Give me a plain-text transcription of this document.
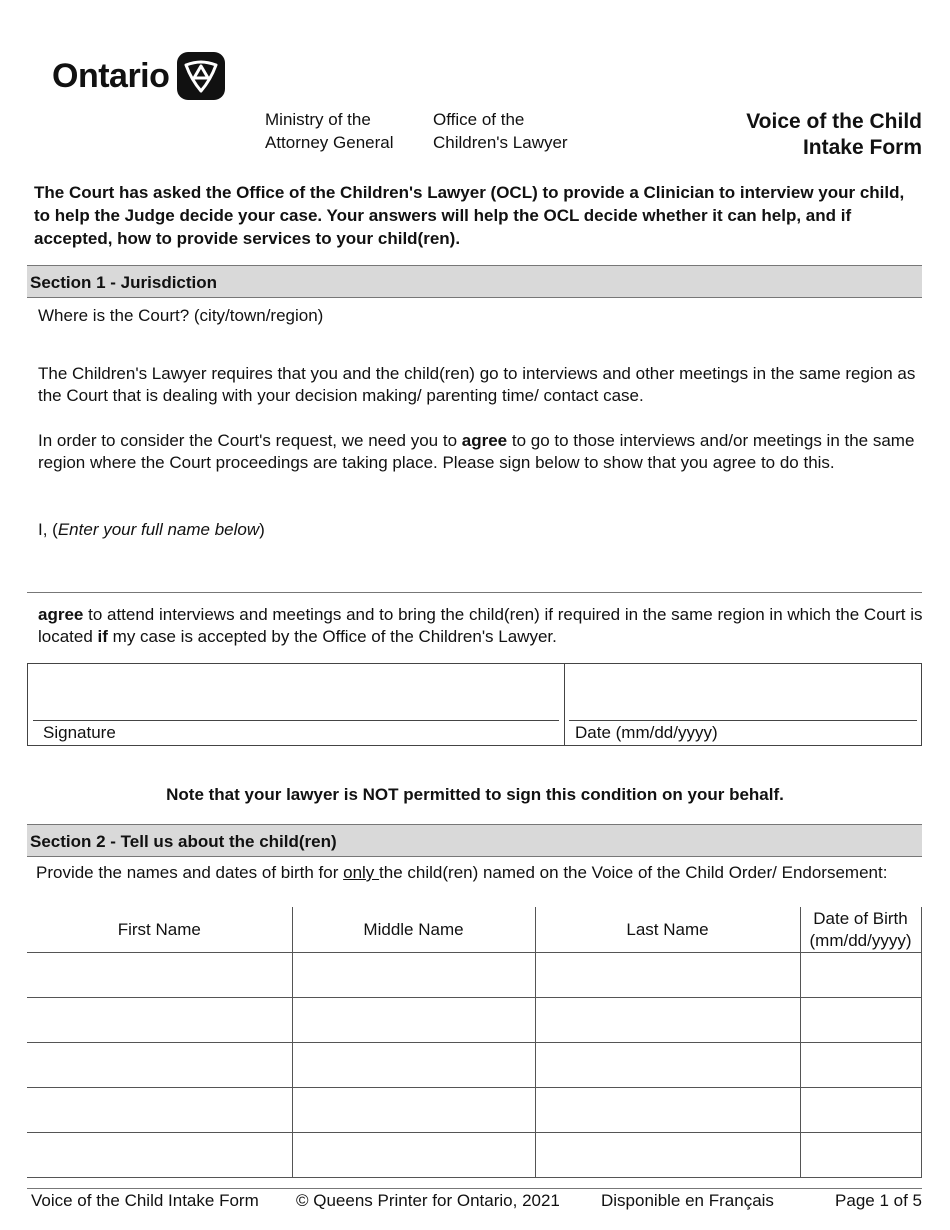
Ontario
Ministry of the
Attorney General
Office of the
Children's Lawyer
Voice of the Child
Intake Form
The Court has asked the Office of the Children's Lawyer (OCL) to provide a Clinician to interview your child, to help the Judge decide your case. Your answers will help the OCL decide whether it can help, and if accepted, how to provide services to your child(ren).
Section 1 - Jurisdiction
Where is the Court? (city/town/region)
The Children's Lawyer requires that you and the child(ren) go to interviews and other meetings in the same region as the Court that is dealing with your decision making/ parenting time/ contact case.
In order to consider the Court's request, we need you to agree to go to those interviews and/or meetings in the same region where the Court proceedings are taking place. Please sign below to show that you agree to do this.
I, (Enter your full name below)
agree to attend interviews and meetings and to bring the child(ren) if required in the same region in which the Court is located if my case is accepted by the Office of the Children's Lawyer.
Signature	Date (mm/dd/yyyy)
Note that your lawyer is NOT permitted to sign this condition on your behalf.
Section 2 - Tell us about the child(ren)
Provide the names and dates of birth for only the child(ren) named on the Voice of the Child Order/ Endorsement:
First Name	Middle Name	Last Name	Date of Birth
(mm/dd/yyyy)

Voice of the Child Intake Form © Queens Printer for Ontario, 2021 Disponible en Français	Page 1 of 5
